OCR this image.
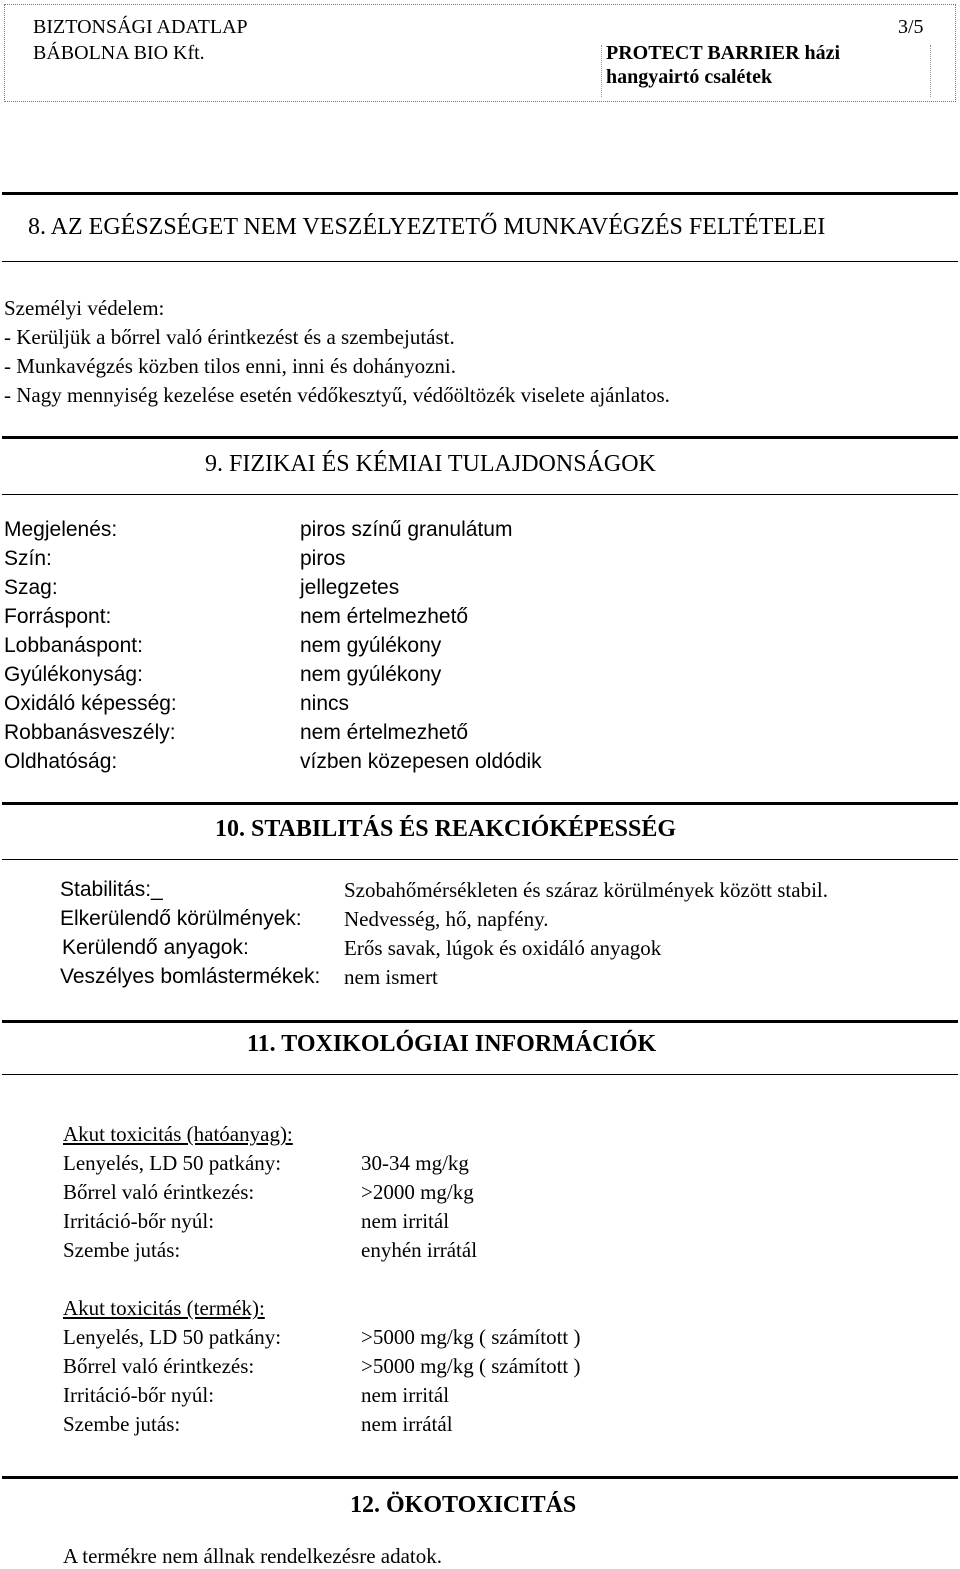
BIZTONSÁGI ADATLAP
BÁBOLNA BIO Kft.
3/5
PROTECT BARRIER házi
hangyairtó csalétek
8. AZ EGÉSZSÉGET NEM VESZÉLYEZTETŐ MUNKAVÉGZÉS FELTÉTELEI
Személyi védelem:
- Kerüljük a bőrrel való érintkezést és a szembejutást.
- Munkavégzés közben tilos enni, inni és dohányozni.
- Nagy mennyiség kezelése esetén védőkesztyű, védőöltözék viselete ajánlatos.
9. FIZIKAI ÉS KÉMIAI TULAJDONSÁGOK
Megjelenés:	piros színű granulátum
Szín:	piros
Szag:	jellegzetes
Forráspont:	nem értelmezhető
Lobbanáspont:	nem gyúlékony
Gyúlékonyság:	nem gyúlékony
Oxidáló képesség:	nincs
Robbanásveszély:	nem értelmezhető
Oldhatóság:	vízben közepesen oldódik
10. STABILITÁS ÉS REAKCIÓKÉPESSÉG
Stabilitás:_	Szobahőmérsékleten és száraz körülmények között stabil.
Elkerülendő körülmények: Nedvesség, hő, napfény.
Kerülendő anyagok:	Erős savak, lúgok és oxidáló anyagok
Veszélyes bomlástermékek: nem ismert
11. TOXIKOLÓGIAI INFORMÁCIÓK
Akut toxicitás (hatóanyag):
Lenyelés, LD 50 patkány:	30-34 mg/kg
Bőrrel való érintkezés:	>2000 mg/kg
Irritáció-bőr nyúl:	nem irritál
Szembe jutás:	enyhén irrátál
Akut toxicitás (termék):
Lenyelés, LD 50 patkány:	>5000 mg/kg ( számított )
Bőrrel való érintkezés:	>5000 mg/kg ( számított )
Irritáció-bőr nyúl:	nem irritál
Szembe jutás:	nem irrátál
12. ÖKOTOXICITÁS
A termékre nem állnak rendelkezésre adatok.
